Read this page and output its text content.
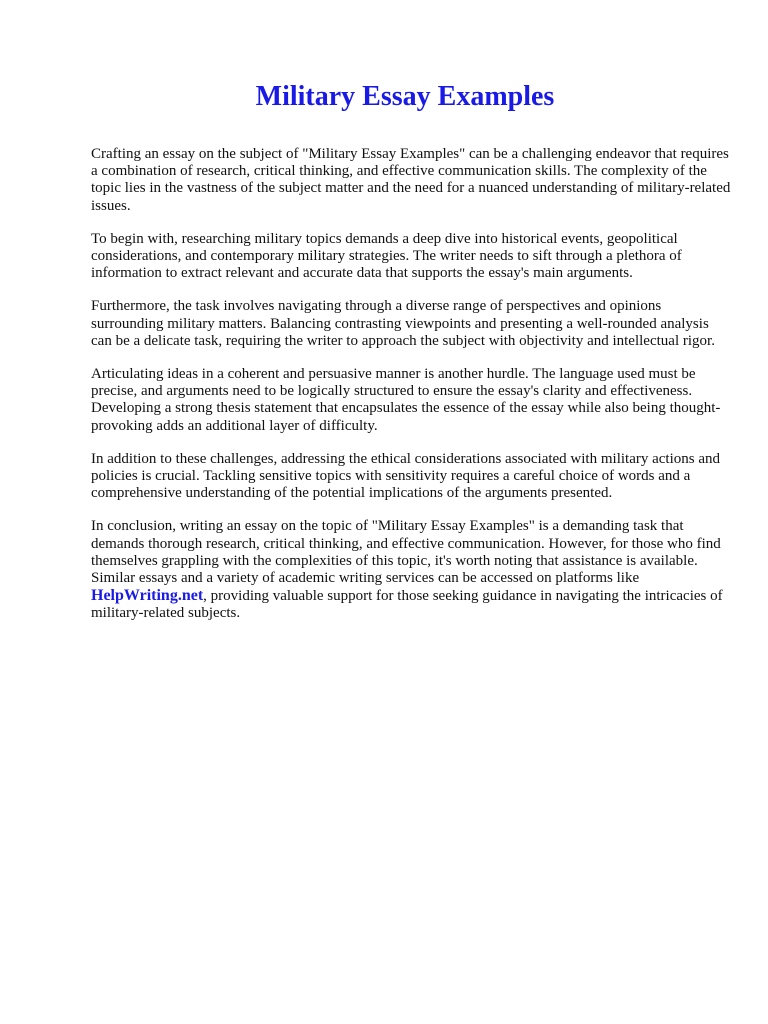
Military Essay Examples

Crafting an essay on the subject of "Military Essay Examples" can be a challenging endeavor that requires a combination of research, critical thinking, and effective communication skills. The complexity of the topic lies in the vastness of the subject matter and the need for a nuanced understanding of military-related issues.

To begin with, researching military topics demands a deep dive into historical events, geopolitical considerations, and contemporary military strategies. The writer needs to sift through a plethora of information to extract relevant and accurate data that supports the essay's main arguments.

Furthermore, the task involves navigating through a diverse range of perspectives and opinions surrounding military matters. Balancing contrasting viewpoints and presenting a well-rounded analysis can be a delicate task, requiring the writer to approach the subject with objectivity and intellectual rigor.

Articulating ideas in a coherent and persuasive manner is another hurdle. The language used must be precise, and arguments need to be logically structured to ensure the essay's clarity and effectiveness. Developing a strong thesis statement that encapsulates the essence of the essay while also being thought-provoking adds an additional layer of difficulty.

In addition to these challenges, addressing the ethical considerations associated with military actions and policies is crucial. Tackling sensitive topics with sensitivity requires a careful choice of words and a comprehensive understanding of the potential implications of the arguments presented.

In conclusion, writing an essay on the topic of "Military Essay Examples" is a demanding task that demands thorough research, critical thinking, and effective communication. However, for those who find themselves grappling with the complexities of this topic, it's worth noting that assistance is available. Similar essays and a variety of academic writing services can be accessed on platforms like HelpWriting.net, providing valuable support for those seeking guidance in navigating the intricacies of military-related subjects.
